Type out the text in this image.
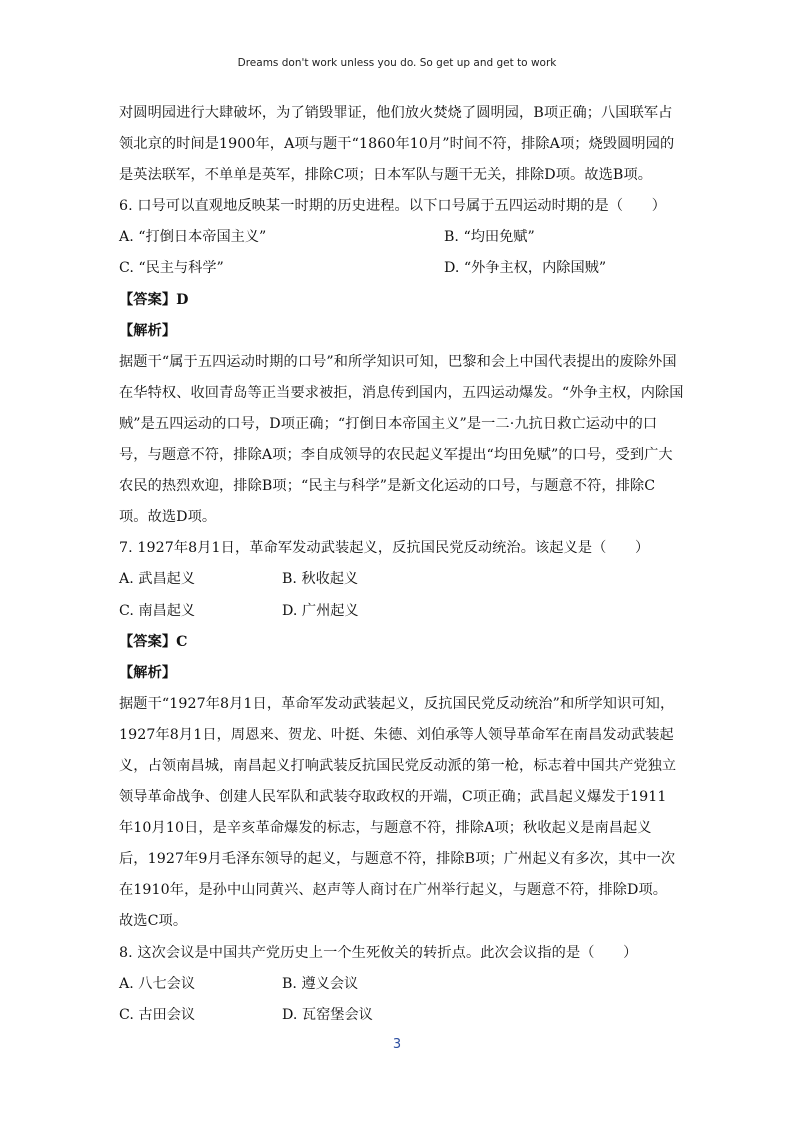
Dreams don't work unless you do. So get up and get to work
对圆明园进行大肆破坏，为了销毁罪证，他们放火焚烧了圆明园，B项正确；八国联军占
领北京的时间是1900年，A项与题干“1860年10月”时间不符，排除A项；烧毁圆明园的
是英法联军，不单单是英军，排除C项；日本军队与题干无关，排除D项。故选B项。
6. 口号可以直观地反映某一时期的历史进程。以下口号属于五四运动时期的是（　　）
A. “打倒日本帝国主义”	B. “均田免赋”
C. “民主与科学”	D. “外争主权，内除国贼”
【答案】D
【解析】
据题干“属于五四运动时期的口号”和所学知识可知，巴黎和会上中国代表提出的废除外国
在华特权、收回青岛等正当要求被拒，消息传到国内，五四运动爆发。“外争主权，内除国
贼”是五四运动的口号，D项正确；“打倒日本帝国主义”是一二·九抗日救亡运动中的口
号，与题意不符，排除A项；李自成领导的农民起义军提出“均田免赋”的口号，受到广大
农民的热烈欢迎，排除B项；“民主与科学”是新文化运动的口号，与题意不符，排除C
项。故选D项。
7. 1927年8月1日，革命军发动武装起义，反抗国民党反动统治。该起义是（　　）
A. 武昌起义	B. 秋收起义
C. 南昌起义	D. 广州起义
【答案】C
【解析】
据题干“1927年8月1日，革命军发动武装起义，反抗国民党反动统治”和所学知识可知，
1927年8月1日，周恩来、贺龙、叶挺、朱德、刘伯承等人领导革命军在南昌发动武装起
义，占领南昌城，南昌起义打响武装反抗国民党反动派的第一枪，标志着中国共产党独立
领导革命战争、创建人民军队和武装夺取政权的开端，C项正确；武昌起义爆发于1911
年10月10日，是辛亥革命爆发的标志，与题意不符，排除A项；秋收起义是南昌起义
后，1927年9月毛泽东领导的起义，与题意不符，排除B项；广州起义有多次，其中一次
在1910年，是孙中山同黄兴、赵声等人商讨在广州举行起义，与题意不符，排除D项。
故选C项。
8. 这次会议是中国共产党历史上一个生死攸关的转折点。此次会议指的是（　　）
A. 八七会议	B. 遵义会议
C. 古田会议	D. 瓦窑堡会议
3
